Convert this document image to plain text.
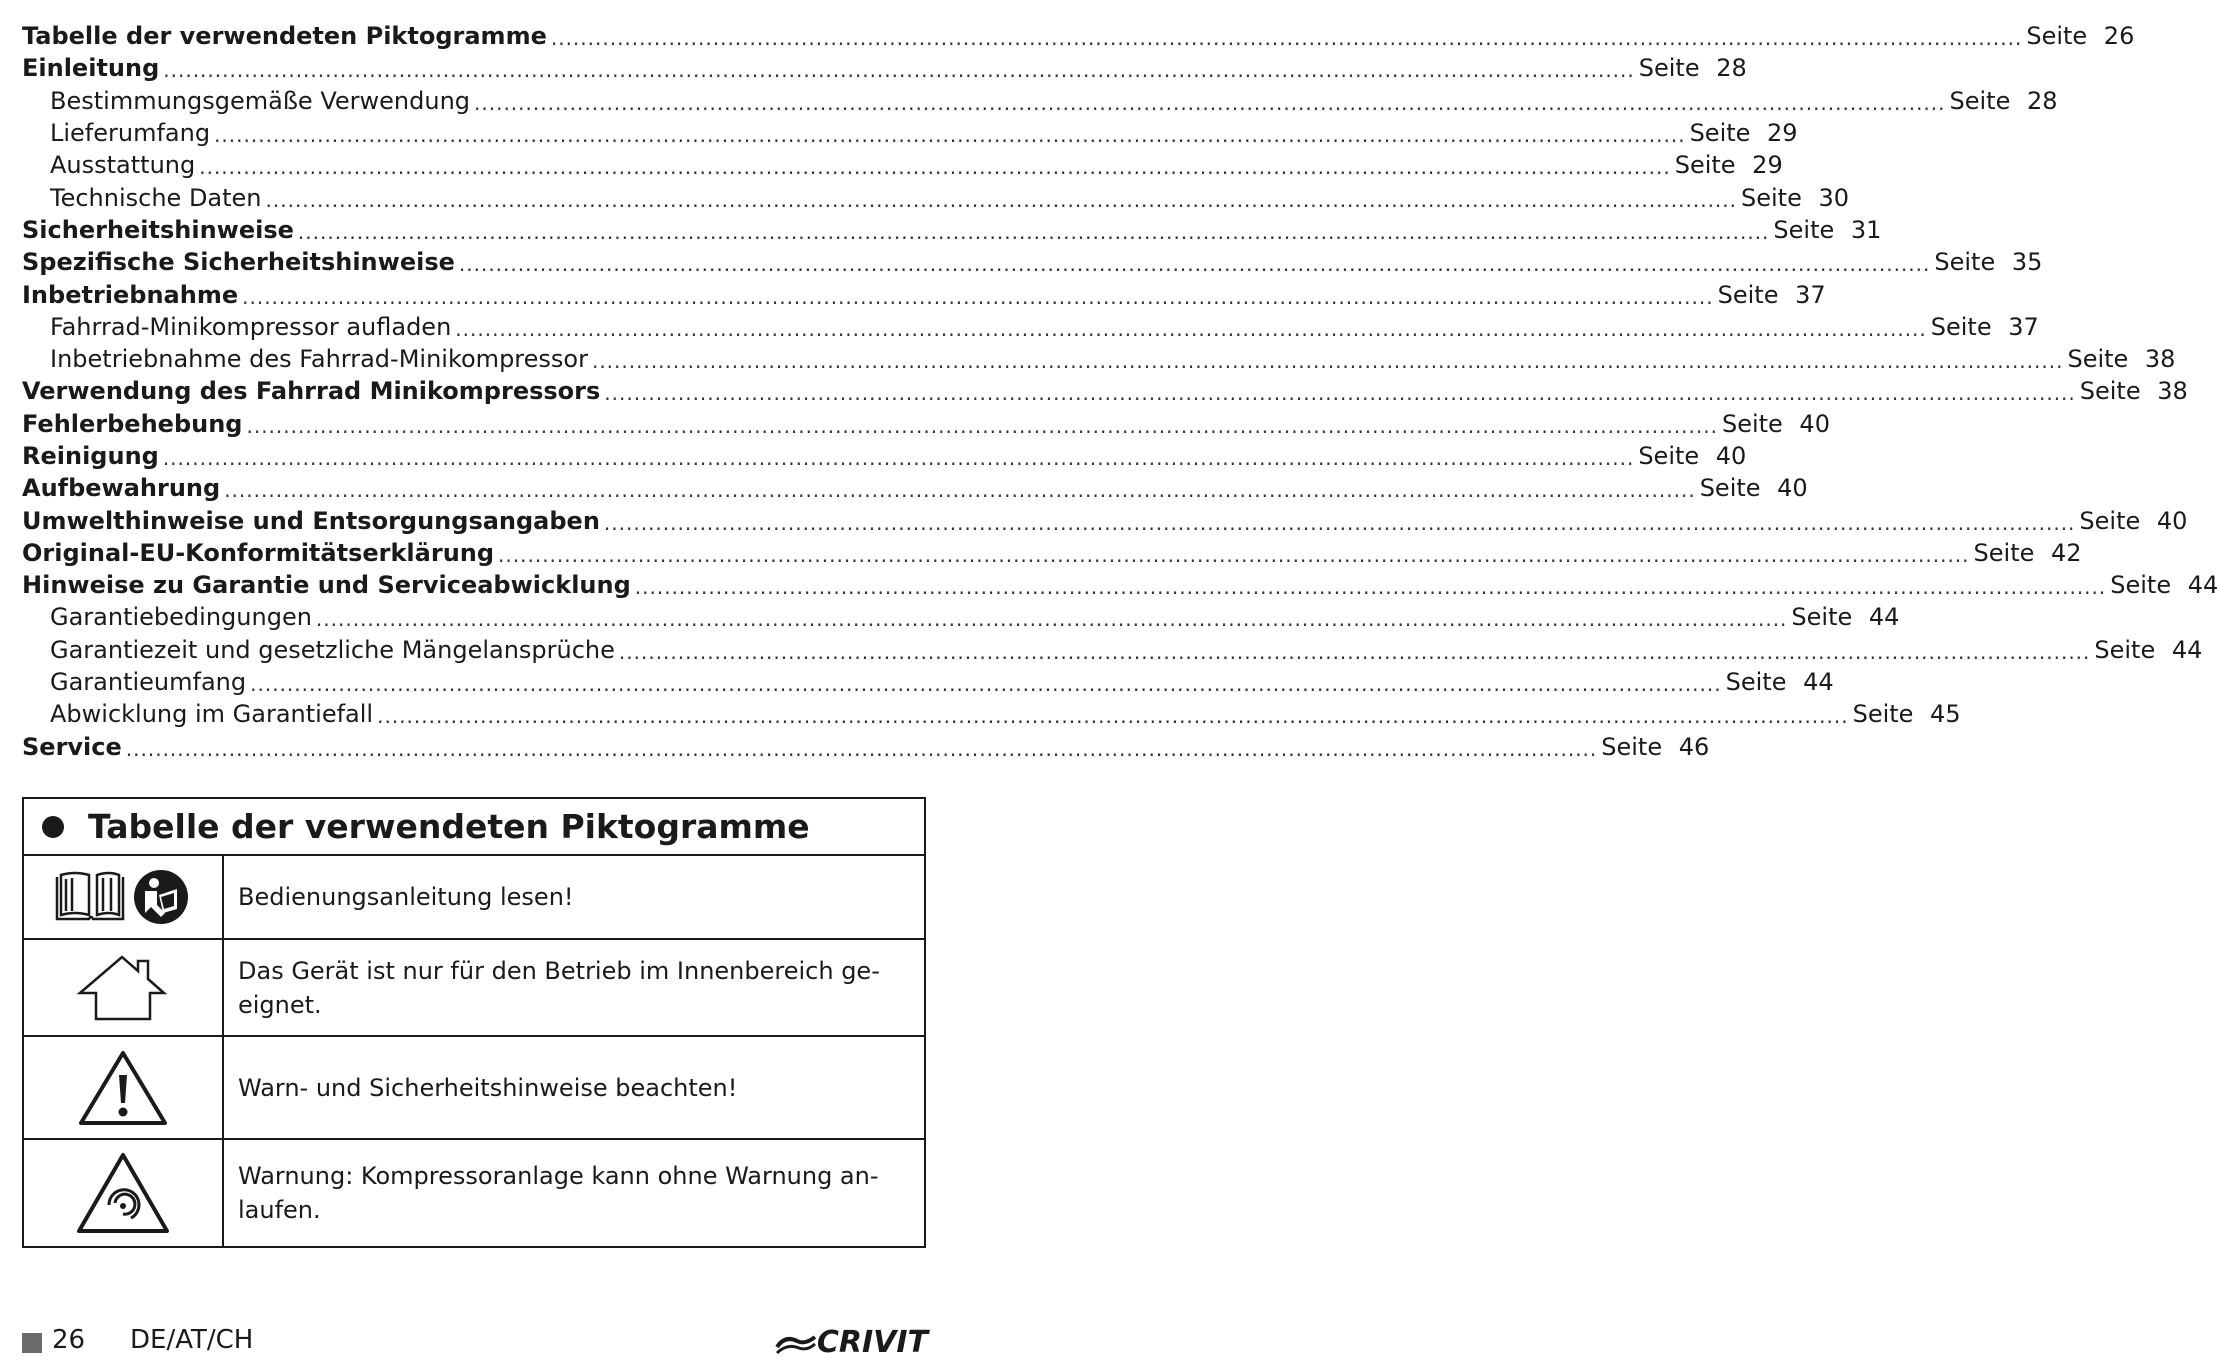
Tabelle der verwendeten Piktogramme ........................................................................................................................................................................................................ Seite 26
Einleitung ........................................................................................................................................................................................................ Seite 28
Bestimmungsgemäße Verwendung ........................................................................................................................................................................................................ Seite 28
Lieferumfang ........................................................................................................................................................................................................ Seite 29
Ausstattung ........................................................................................................................................................................................................ Seite 29
Technische Daten ........................................................................................................................................................................................................ Seite 30
Sicherheitshinweise ........................................................................................................................................................................................................ Seite 31
Spezifische Sicherheitshinweise ........................................................................................................................................................................................................ Seite 35
Inbetriebnahme ........................................................................................................................................................................................................ Seite 37
Fahrrad-Minikompressor aufladen ........................................................................................................................................................................................................ Seite 37
Inbetriebnahme des Fahrrad-Minikompressor ........................................................................................................................................................................................................ Seite 38
Verwendung des Fahrrad Minikompressors ........................................................................................................................................................................................................ Seite 38
Fehlerbehebung ........................................................................................................................................................................................................ Seite 40
Reinigung ........................................................................................................................................................................................................ Seite 40
Aufbewahrung ........................................................................................................................................................................................................ Seite 40
Umwelthinweise und Entsorgungsangaben ........................................................................................................................................................................................................ Seite 40
Original-EU-Konformitätserklärung ........................................................................................................................................................................................................ Seite 42
Hinweise zu Garantie und Serviceabwicklung ........................................................................................................................................................................................................ Seite 44
Garantiebedingungen ........................................................................................................................................................................................................ Seite 44
Garantiezeit und gesetzliche Mängelansprüche ........................................................................................................................................................................................................ Seite 44
Garantieumfang ........................................................................................................................................................................................................ Seite 44
Abwicklung im Garantiefall ........................................................................................................................................................................................................ Seite 45
Service ........................................................................................................................................................................................................ Seite 46
Tabelle der verwendeten Piktogramme
Bedienungsanleitung lesen!
Das Gerät ist nur für den Betrieb im Innenbereich ge-eignet.
Warn- und Sicherheitshinweise beachten!
Warnung: Kompressoranlage kann ohne Warnung an-laufen.
26 DE/AT/CH	CRIVIT
